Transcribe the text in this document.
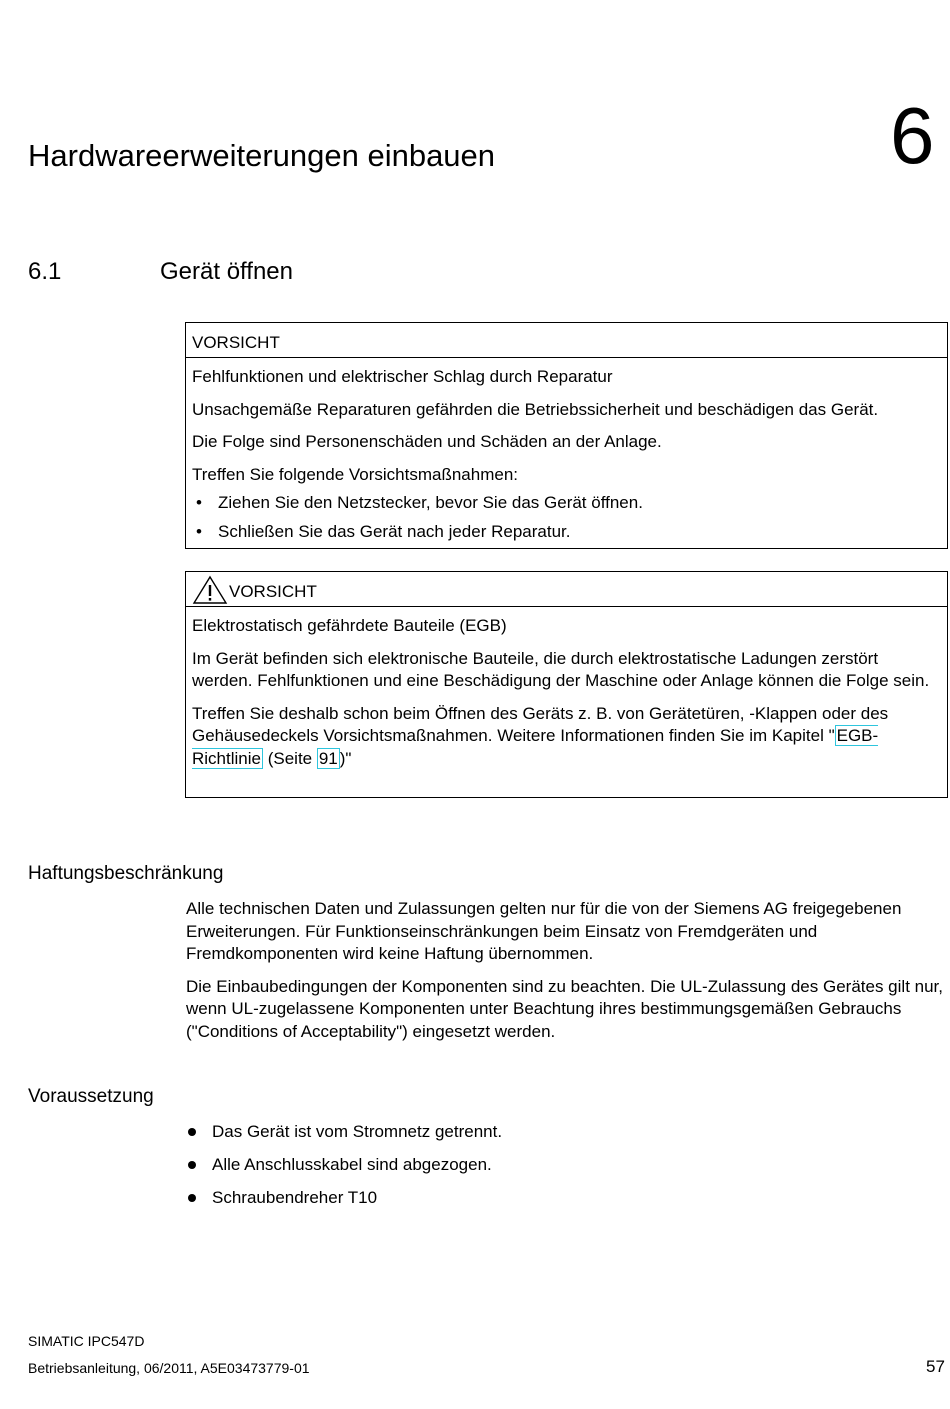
Hardwareerweiterungen einbauen	6
6.1	Gerät öffnen
VORSICHT

Fehlfunktionen und elektrischer Schlag durch Reparatur

Unsachgemäße Reparaturen gefährden die Betriebssicherheit und beschädigen das Gerät.

Die Folge sind Personenschäden und Schäden an der Anlage.

Treffen Sie folgende Vorsichtsmaßnahmen:

• Ziehen Sie den Netzstecker, bevor Sie das Gerät öffnen.
• Schließen Sie das Gerät nach jeder Reparatur.
VORSICHT

Elektrostatisch gefährdete Bauteile (EGB)

Im Gerät befinden sich elektronische Bauteile, die durch elektrostatische Ladungen zerstört werden. Fehlfunktionen und eine Beschädigung der Maschine oder Anlage können die Folge sein.

Treffen Sie deshalb schon beim Öffnen des Geräts z. B. von Gerätetüren, -Klappen oder des Gehäusedeckels Vorsichtsmaßnahmen. Weitere Informationen finden Sie im Kapitel " EGB-Richtlinie (Seite 91 )"

Haftungsbeschränkung

Alle technischen Daten und Zulassungen gelten nur für die von der Siemens AG freigegebenen Erweiterungen. Für Funktionseinschränkungen beim Einsatz von Fremdgeräten und Fremdkomponenten wird keine Haftung übernommen.

Die Einbaubedingungen der Komponenten sind zu beachten. Die UL-Zulassung des Gerätes gilt nur, wenn UL-zugelassene Komponenten unter Beachtung ihres bestimmungsgemäßen Gebrauchs ("Conditions of Acceptability") eingesetzt werden.

Voraussetzung
Das Gerät ist vom Stromnetz getrennt.
Alle Anschlusskabel sind abgezogen.
Schraubendreher T10
SIMATIC IPC547D
Betriebsanleitung, 06/2011, A5E03473779-01	57
